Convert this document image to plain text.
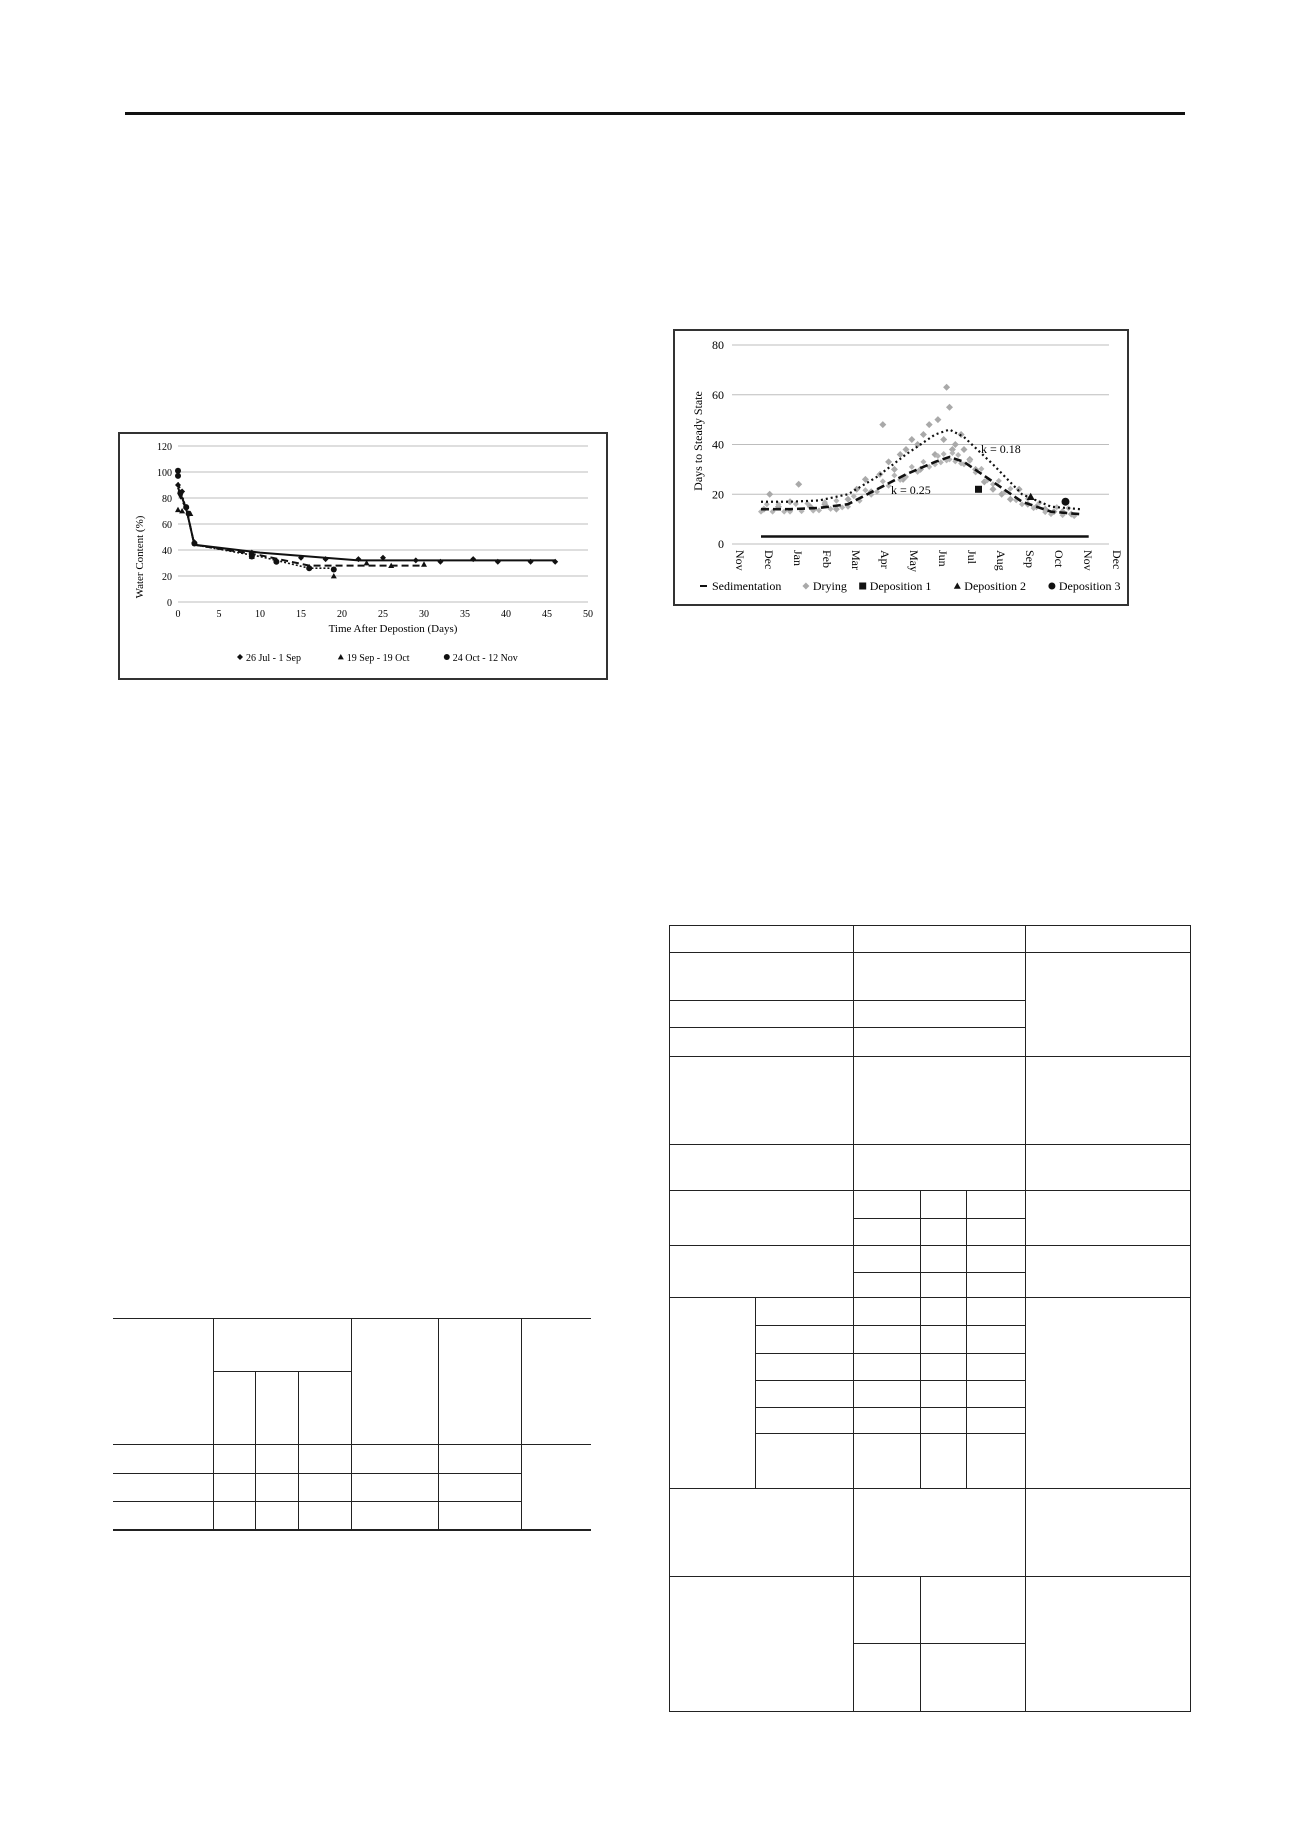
Water Content (%)
Time After Depostion (Days)
0
20
40
60
80
100
120
0	5	10	15	20	25	30	35	40	45	50
26 Jul - 1 Sep	19 Sep - 19 Oct	24 Oct - 12 Nov
Days to Steady State
0
20
40
60
80
Nov Dec Jan Feb Mar Apr May Jun Jul Aug Sep Oct Nov Dec
k = 0.18
k = 0.25
Sedimentation	Drying Deposition 1	Deposition 2	Deposition 3
